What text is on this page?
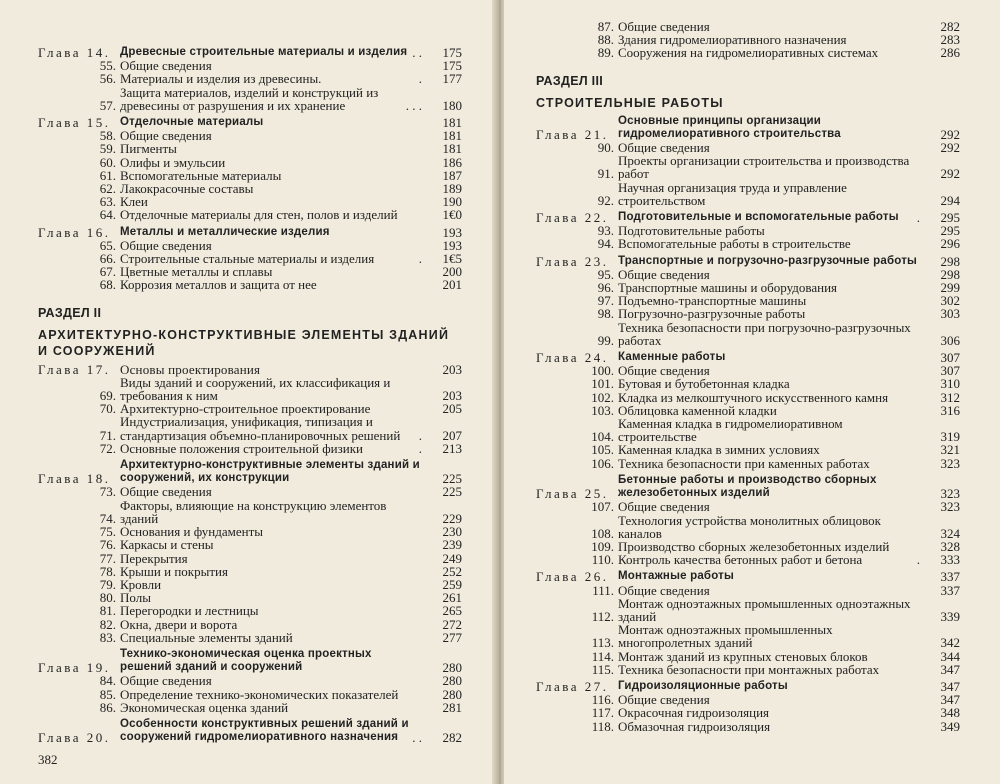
Глава 14. Древесные строительные материалы и изделия . .	175
55. Общие сведения	175
56. Материалы и изделия из древесины.	.	177
57.
Защита материалов, изделий и конструкций из древесины от разрушения и их хранение	. . .	180
Глава 15. Отделочные материалы	181
58. Общие сведения	181
59. Пигменты	181
60. Олифы и эмульсии	186
61. Вспомогательные материалы	187
62. Лакокрасочные составы	189
63. Клеи	190
64. Отделочные материалы для стен, полов и изделий	1€0
Глава 16. Металлы и металлические изделия	193
65. Общие сведения	193
66. Строительные стальные материалы и изделия	.	1€5
67. Цветные металлы и сплавы	200
68. Коррозия металлов и защита от нее	201
РАЗДЕЛ II
АРХИТЕКТУРНО-КОНСТРУКТИВНЫЕ ЭЛЕМЕНТЫ ЗДАНИЙ И СООРУЖЕНИЙ
Глава 17. Основы проектирования	203
69.
Виды зданий и сооружений, их классификация и требования к ним	203
70. Архитектурно-строительное проектирование	205
71.
Индустриализация, унификация, типизация и стандартизация объемно-планировочных решений	.	207
72. Основные положения строительной физики	.	213
Глава 18.
Архитектурно-конструктивные элементы зданий и сооружений, их конструкции	225
73. Общие сведения	225
74.
Факторы, влияющие на конструкцию элементов зданий	229
75. Основания и фундаменты	230
76. Каркасы и стены	239
77. Перекрытия	249
78. Крыши и покрытия	252
79. Кровли	259
80. Полы	261
81. Перегородки и лестницы	265
82. Окна, двери и ворота	272
83. Специальные элементы зданий	277
Глава 19.
Технико-экономическая оценка проектных решений зданий и сооружений	280
84. Общие сведения	280
85. Определение технико-экономических показателей	280
86. Экономическая оценка зданий	281
Глава 20.
Особенности конструктивных решений зданий и сооружений гидромелиоративного назначения	. .	282
382
87. Общие сведения	282
88. Здания гидромелиоративного назначения	283
89. Сооружения на гидромелиоративных системах	286
РАЗДЕЛ III
СТРОИТЕЛЬНЫЕ РАБОТЫ
Глава 21.
Основные принципы организации гидромелиоративного строительства	292
90. Общие сведения	292
91.
Проекты организации строительства и производства работ	292
92.
Научная организация труда и управление строительством	294
Глава 22. Подготовительные и вспомогательные работы	.	295
93. Подготовительные работы	295
94. Вспомогательные работы в строительстве	296
Глава 23. Транспортные и погрузочно-разгрузочные работы	298
95. Общие сведения	298
96. Транспортные машины и оборудования	299
97. Подъемно-транспортные машины	302
98. Погрузочно-разгрузочные работы	303
99.
Техника безопасности при погрузочно-разгрузочных работах	306
Глава 24. Каменные работы	307
100. Общие сведения	307
101. Бутовая и бутобетонная кладка	310
102. Кладка из мелкоштучного искусственного камня	312
103. Облицовка каменной кладки	316
104.
Каменная кладка в гидромелиоративном строительстве	319
105. Каменная кладка в зимних условиях	321
106. Техника безопасности при каменных работах	323
Глава 25.
Бетонные работы и производство сборных железобетонных изделий	323
107. Общие сведения	323
108.
Технология устройства монолитных облицовок каналов	324
109. Производство сборных железобетонных изделий	328
110. Контроль качества бетонных работ и бетона	.	333
Глава 26. Монтажные работы	337
111. Общие сведения	337
112.
Монтаж одноэтажных промышленных одноэтажных зданий	339
113.
Монтаж одноэтажных промышленных многопролетных зданий	342
114. Монтаж зданий из крупных стеновых блоков	344
115. Техника безопасности при монтажных работах	347
Глава 27. Гидроизоляционные работы	347
116. Общие сведения	347
117. Окрасочная гидроизоляция	348
118. Обмазочная гидроизоляция	349
